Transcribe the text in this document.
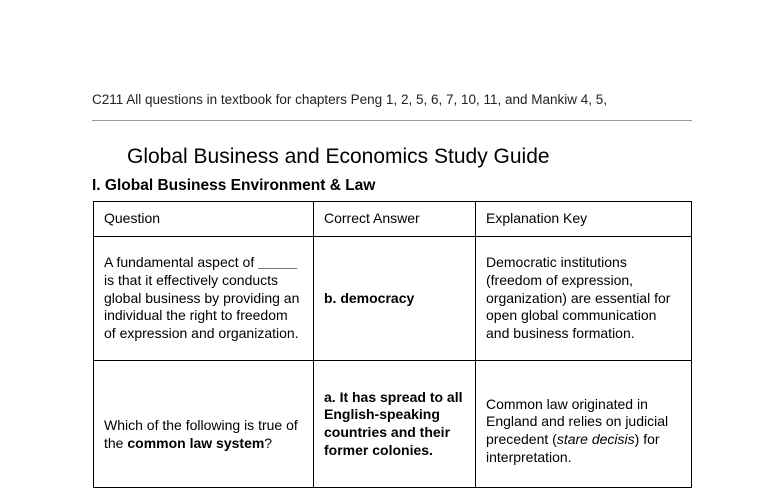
C211 All questions in textbook for chapters Peng 1, 2, 5, 6, 7, 10, 11, and Mankiw 4, 5,
Global Business and Economics Study Guide
I. Global Business Environment & Law
Question	Correct Answer	Explanation Key
A fundamental aspect of _____ is that it effectively conducts global business by providing an individual the right to freedom of expression and organization.	b. democracy	Democratic institutions (freedom of expression, organization) are essential for open global communication and business formation.
Which of the following is true of the common law system?	a. It has spread to all English-speaking countries and their former colonies.	Common law originated in England and relies on judicial precedent (stare decisis) for interpretation.
